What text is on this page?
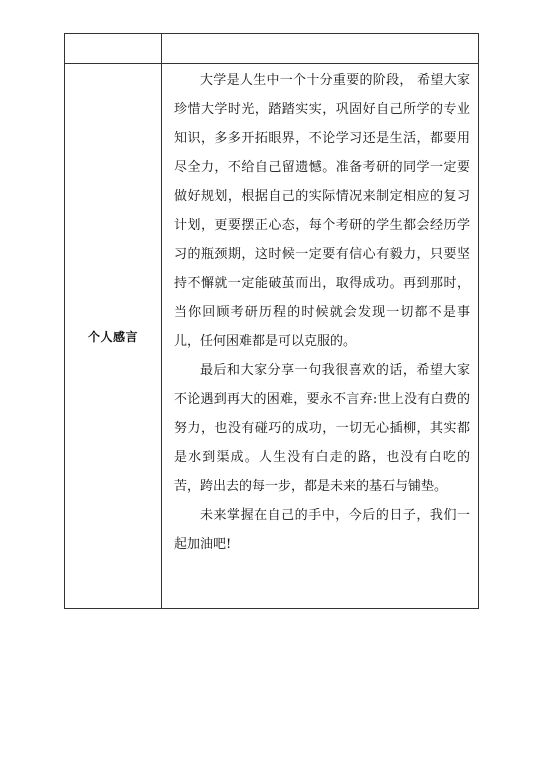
个人感言	大学是人生中一个十分重要的阶段， 希望大家珍惜大学时光，踏踏实实，巩固好自己所学的专业知识，多多开拓眼界，不论学习还是生活，都要用尽全力，不给自己留遗憾。准备考研的同学一定要做好规划，根据自己的实际情况来制定相应的复习计划，更要摆正心态，每个考研的学生都会经历学习的瓶颈期，这时候一定要有信心有毅力，只要坚持不懈就一定能破茧而出，取得成功。再到那时，当你回顾考研历程的时候就会发现一切都不是事儿，任何困难都是可以克服的。

最后和大家分享一句我很喜欢的话，希望大家不论遇到再大的困难，要永不言弃:世上没有白费的努力，也没有碰巧的成功，一切无心插柳，其实都是水到渠成。人生没有白走的路，也没有白吃的苦，跨出去的每一步，都是未来的基石与铺垫。

未来掌握在自己的手中，今后的日子，我们一起加油吧!
